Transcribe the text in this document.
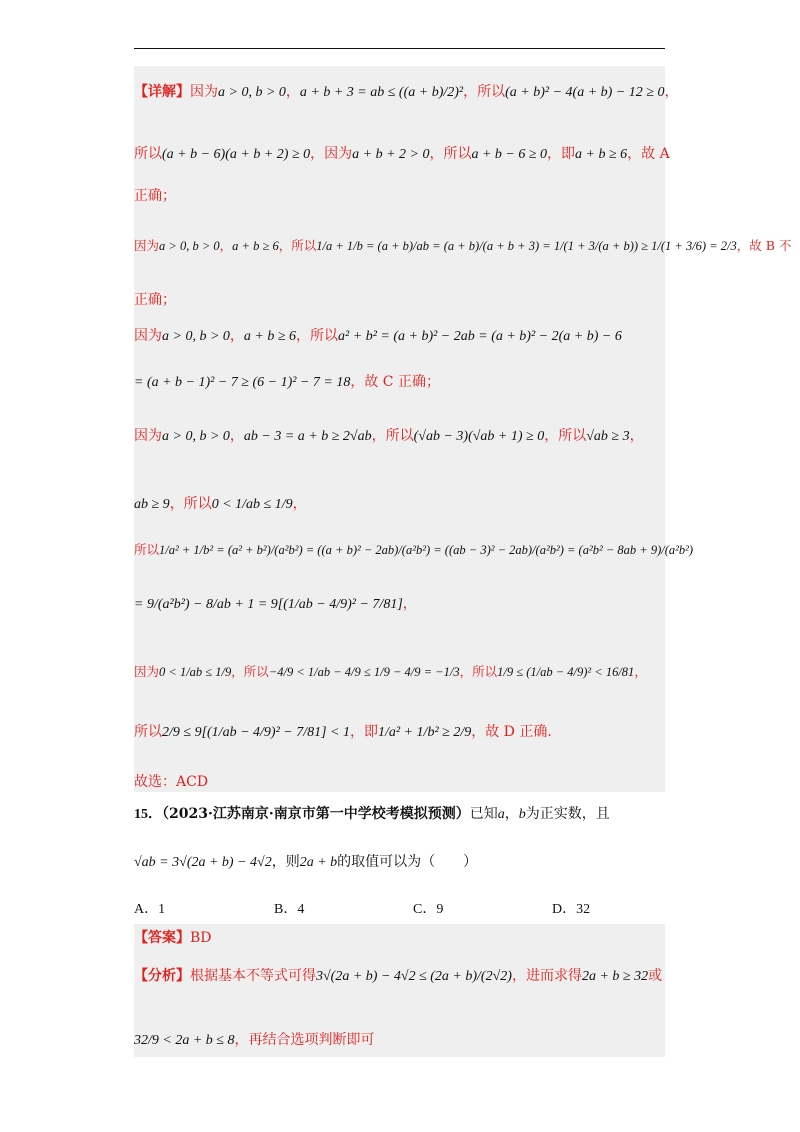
【详解】因为a > 0, b > 0，a + b + 3 = ab ≤ ((a + b)/2)²，所以(a + b)² − 4(a + b) − 12 ≥ 0，
所以(a + b − 6)(a + b + 2) ≥ 0，因为a + b + 2 > 0，所以a + b − 6 ≥ 0，即a + b ≥ 6，故 A
正确；
因为a > 0, b > 0，a + b ≥ 6，所以1/a + 1/b = (a + b)/ab = (a + b)/(a + b + 3) = 1/(1 + 3/(a + b)) ≥ 1/(1 + 3/6) = 2/3，故 B 不
正确；
因为a > 0, b > 0，a + b ≥ 6，所以a² + b² = (a + b)² − 2ab = (a + b)² − 2(a + b) − 6
= (a + b − 1)² − 7 ≥ (6 − 1)² − 7 = 18，故 C 正确；
因为a > 0, b > 0，ab − 3 = a + b ≥ 2√ab，所以(√ab − 3)(√ab + 1) ≥ 0，所以√ab ≥ 3，
ab ≥ 9，所以0 < 1/ab ≤ 1/9，
所以1/a² + 1/b² = (a² + b²)/(a²b²) = ((a + b)² − 2ab)/(a²b²) = ((ab − 3)² − 2ab)/(a²b²) = (a²b² − 8ab + 9)/(a²b²)
= 9/(a²b²) − 8/ab + 1 = 9[(1/ab − 4/9)² − 7/81]，
因为0 < 1/ab ≤ 1/9，所以−4/9 < 1/ab − 4/9 ≤ 1/9 − 4/9 = −1/3，所以1/9 ≤ (1/ab − 4/9)² < 16/81，
所以2/9 ≤ 9[(1/ab − 4/9)² − 7/81] < 1，即1/a² + 1/b² ≥ 2/9，故 D 正确.
故选：ACD
15．（2023·江苏南京·南京市第一中学校考模拟预测）已知a，b为正实数，且
√ab = 3√(2a + b) − 4√2，则2a + b的取值可以为（　　）
A．1	B．4	C．9	D．32
【答案】BD
【分析】根据基本不等式可得3√(2a + b) − 4√2 ≤ (2a + b)/(2√2)，进而求得2a + b ≥ 32或
32/9 < 2a + b ≤ 8，再结合选项判断即可
